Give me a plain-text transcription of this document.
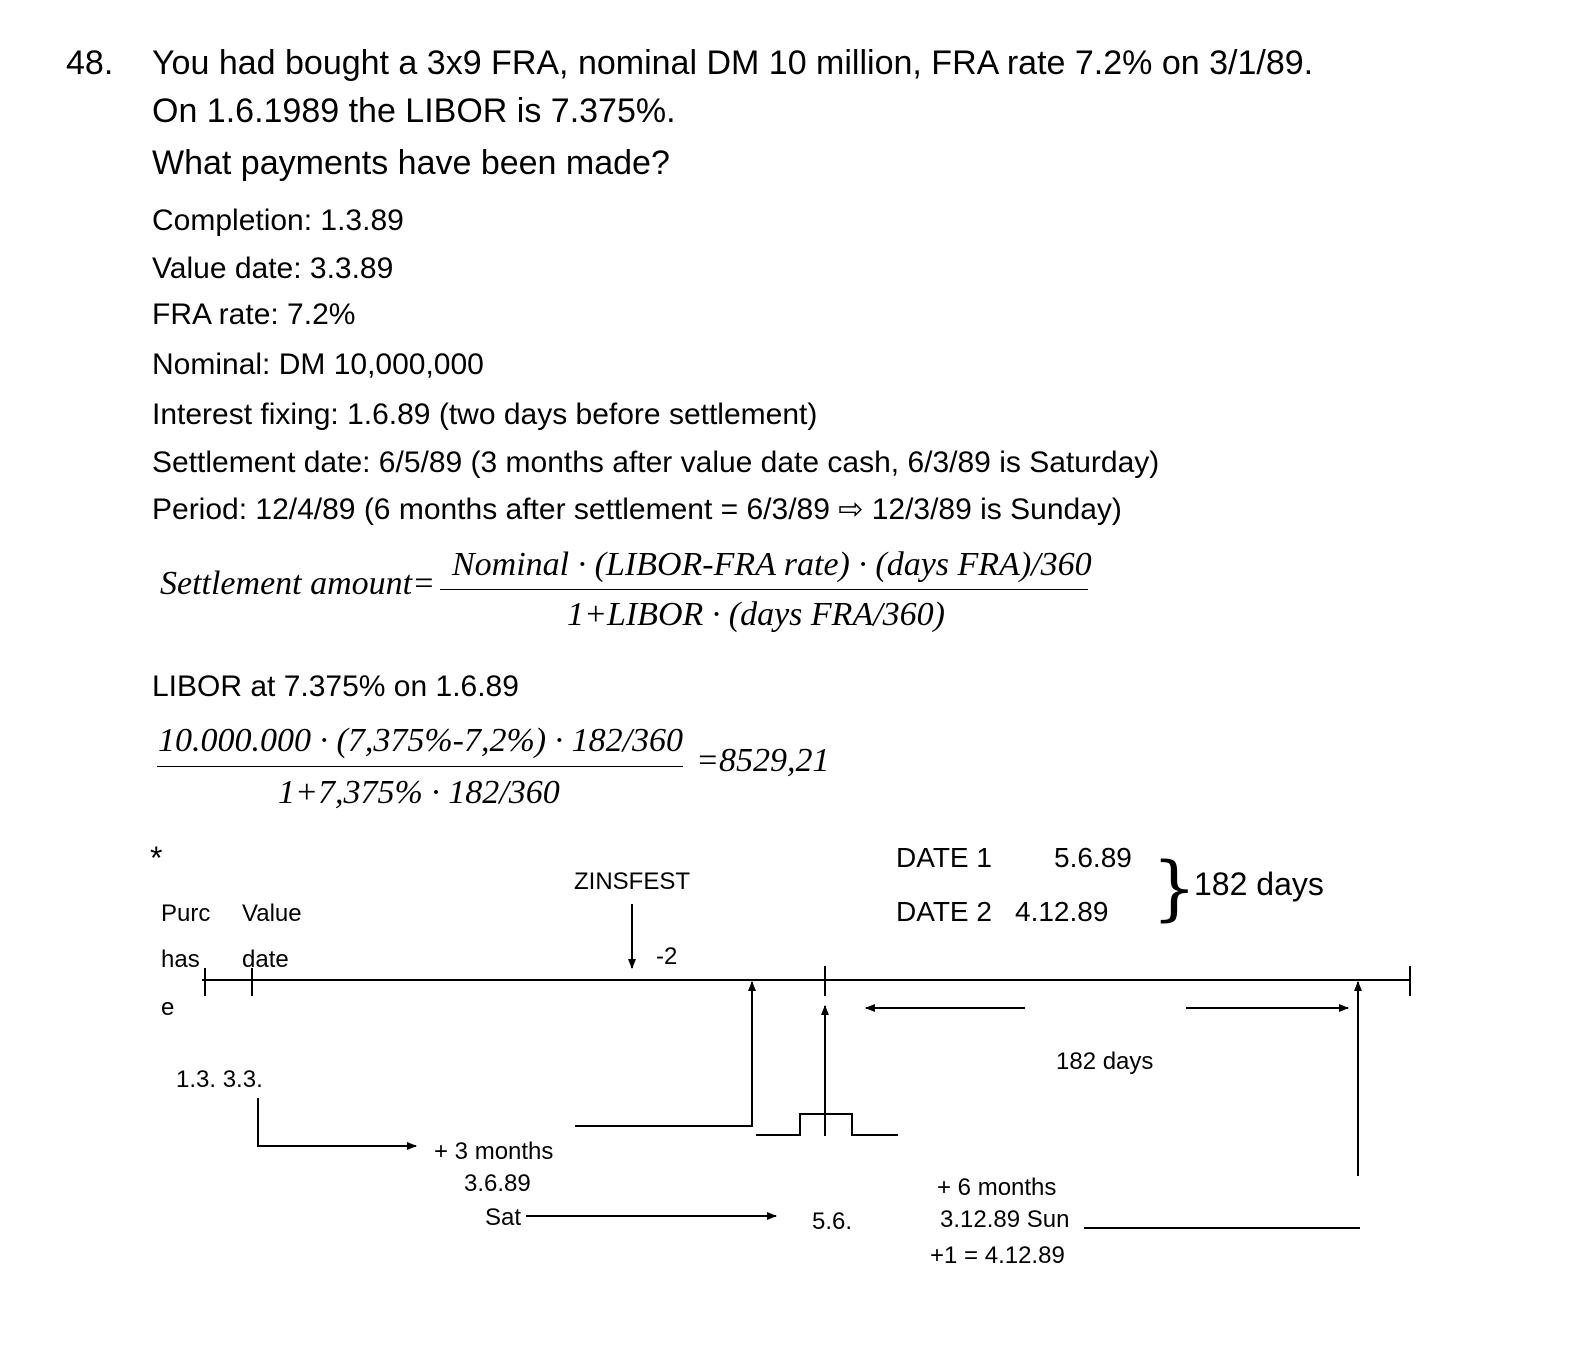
48. You had bought a 3x9 FRA, nominal DM 10 million, FRA rate 7.2% on 3/1/89.
On 1.6.1989 the LIBOR is 7.375%.
What payments have been made?
Completion: 1.3.89
Value date: 3.3.89
FRA rate: 7.2%
Nominal: DM 10,000,000
Interest fixing: 1.6.89 (two days before settlement)
Settlement date: 6/5/89 (3 months after value date cash, 6/3/89 is Saturday)
Period: 12/4/89 (6 months after settlement = 6/3/89 ⇨ 12/3/89 is Sunday)
Settlement amount=
Nominal · (LIBOR-FRA rate) · (days FRA)/360
1+LIBOR · (days FRA/360)
LIBOR at 7.375% on 1.6.89
10.000.000 · (7,375%-7,2%) · 182/360
1+7,375% · 182/360
=8529,21
}
*
Purc
has
e
Value
date
1.3. 3.3.
ZINSFEST
-2
DATE 1 5.6.89
DATE 2 4.12.89
182 days
182 days
+ 3 months
3.6.89
Sat	5.6.
+ 6 months
3.12.89 Sun
+1 = 4.12.89
